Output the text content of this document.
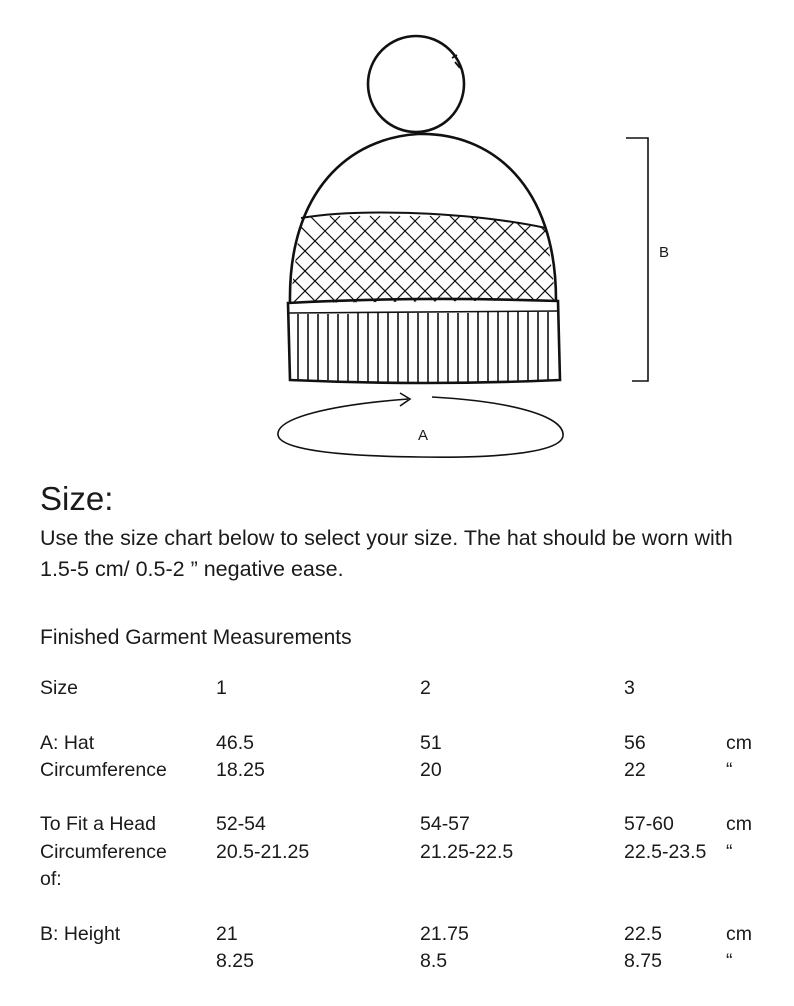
B
A
Size:

Use the size chart below to select your size. The hat should be worn with 1.5-5 cm/ 0.5-2 ” negative ease.

Finished Garment Measurements
Size	1	2	3
A: Hat
Circumference
46.5	51	56	cm
18.25	20	22	“
To Fit a Head
Circumference
of:
52-54	54-57	57-60	cm
20.5-21.25	21.25-22.5	22.5-23.5 “
B: Height	21	21.75	22.5	cm
8.25	8.5	8.75	“
